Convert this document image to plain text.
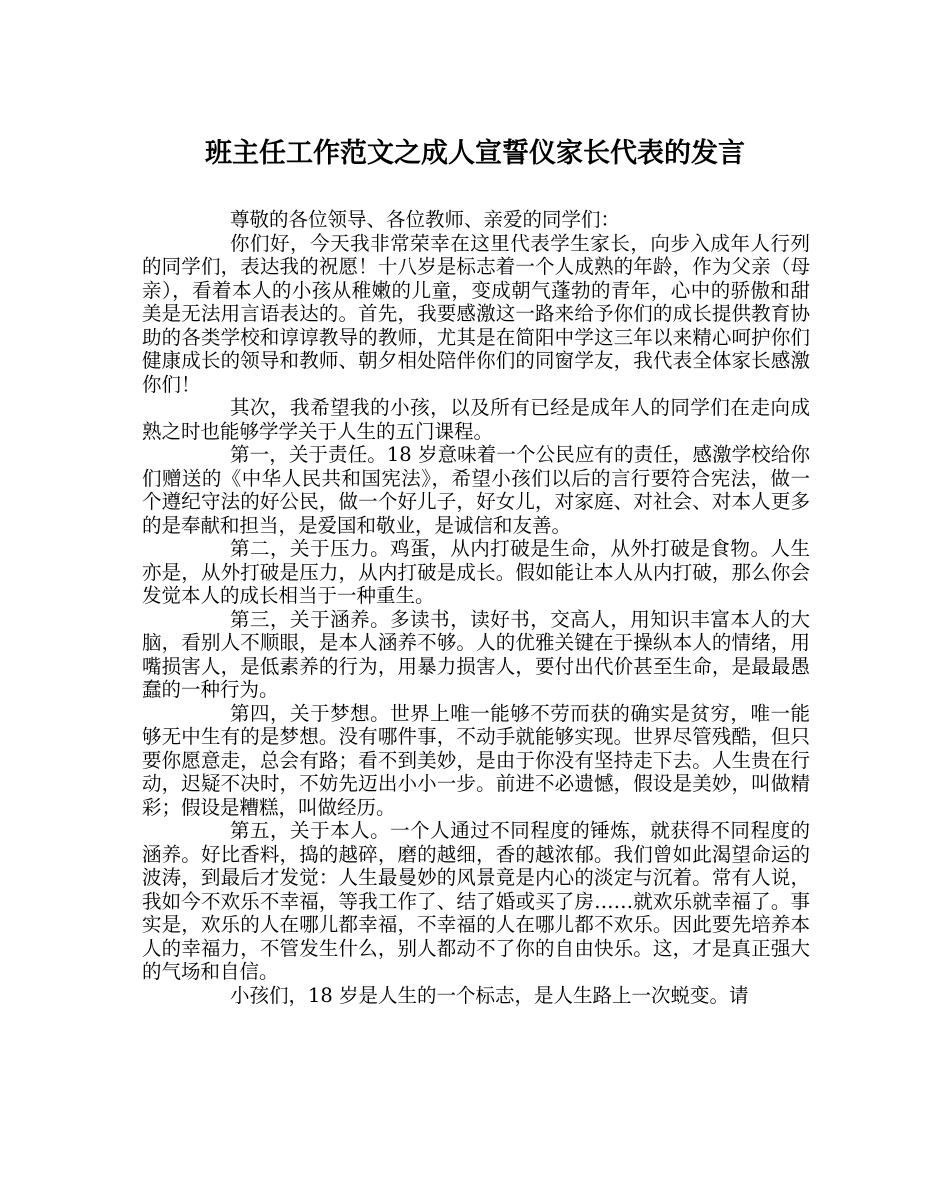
班主任工作范文之成人宣誓仪家长代表的发言

尊敬的各位领导、各位教师、亲爱的同学们：

你们好，今天我非常荣幸在这里代表学生家长，向步入成年人行列的同学们，表达我的祝愿！十八岁是标志着一个人成熟的年龄，作为父亲（母亲），看着本人的小孩从稚嫩的儿童，变成朝气蓬勃的青年，心中的骄傲和甜美是无法用言语表达的。首先，我要感激这一路来给予你们的成长提供教育协助的各类学校和谆谆教导的教师，尤其是在简阳中学这三年以来精心呵护你们健康成长的领导和教师、朝夕相处陪伴你们的同窗学友，我代表全体家长感激你们！

其次，我希望我的小孩，以及所有已经是成年人的同学们在走向成熟之时也能够学学关于人生的五门课程。

第一，关于责任。18 岁意味着一个公民应有的责任，感激学校给你们赠送的《中华人民共和国宪法》，希望小孩们以后的言行要符合宪法，做一个遵纪守法的好公民，做一个好儿子，好女儿，对家庭、对社会、对本人更多的是奉献和担当，是爱国和敬业，是诚信和友善。

第二，关于压力。鸡蛋，从内打破是生命，从外打破是食物。人生亦是，从外打破是压力，从内打破是成长。假如能让本人从内打破，那么你会发觉本人的成长相当于一种重生。

第三，关于涵养。多读书，读好书，交高人，用知识丰富本人的大脑，看别人不顺眼，是本人涵养不够。人的优雅关键在于操纵本人的情绪，用嘴损害人，是低素养的行为，用暴力损害人，要付出代价甚至生命，是最最愚蠢的一种行为。

第四，关于梦想。世界上唯一能够不劳而获的确实是贫穷，唯一能够无中生有的是梦想。没有哪件事，不动手就能够实现。世界尽管残酷，但只要你愿意走，总会有路；看不到美妙，是由于你没有坚持走下去。人生贵在行动，迟疑不决时，不妨先迈出小小一步。前进不必遗憾，假设是美妙，叫做精彩；假设是糟糕，叫做经历。

第五，关于本人。一个人通过不同程度的锤炼，就获得不同程度的涵养。好比香料，捣的越碎，磨的越细，香的越浓郁。我们曾如此渴望命运的波涛，到最后才发觉：人生最曼妙的风景竟是内心的淡定与沉着。常有人说，我如今不欢乐不幸福，等我工作了、结了婚或买了房……就欢乐就幸福了。事实是，欢乐的人在哪儿都幸福，不幸福的人在哪儿都不欢乐。因此要先培养本人的幸福力，不管发生什么，别人都动不了你的自由快乐。这，才是真正强大的气场和自信。

小孩们，18 岁是人生的一个标志，是人生路上一次蜕变。请
